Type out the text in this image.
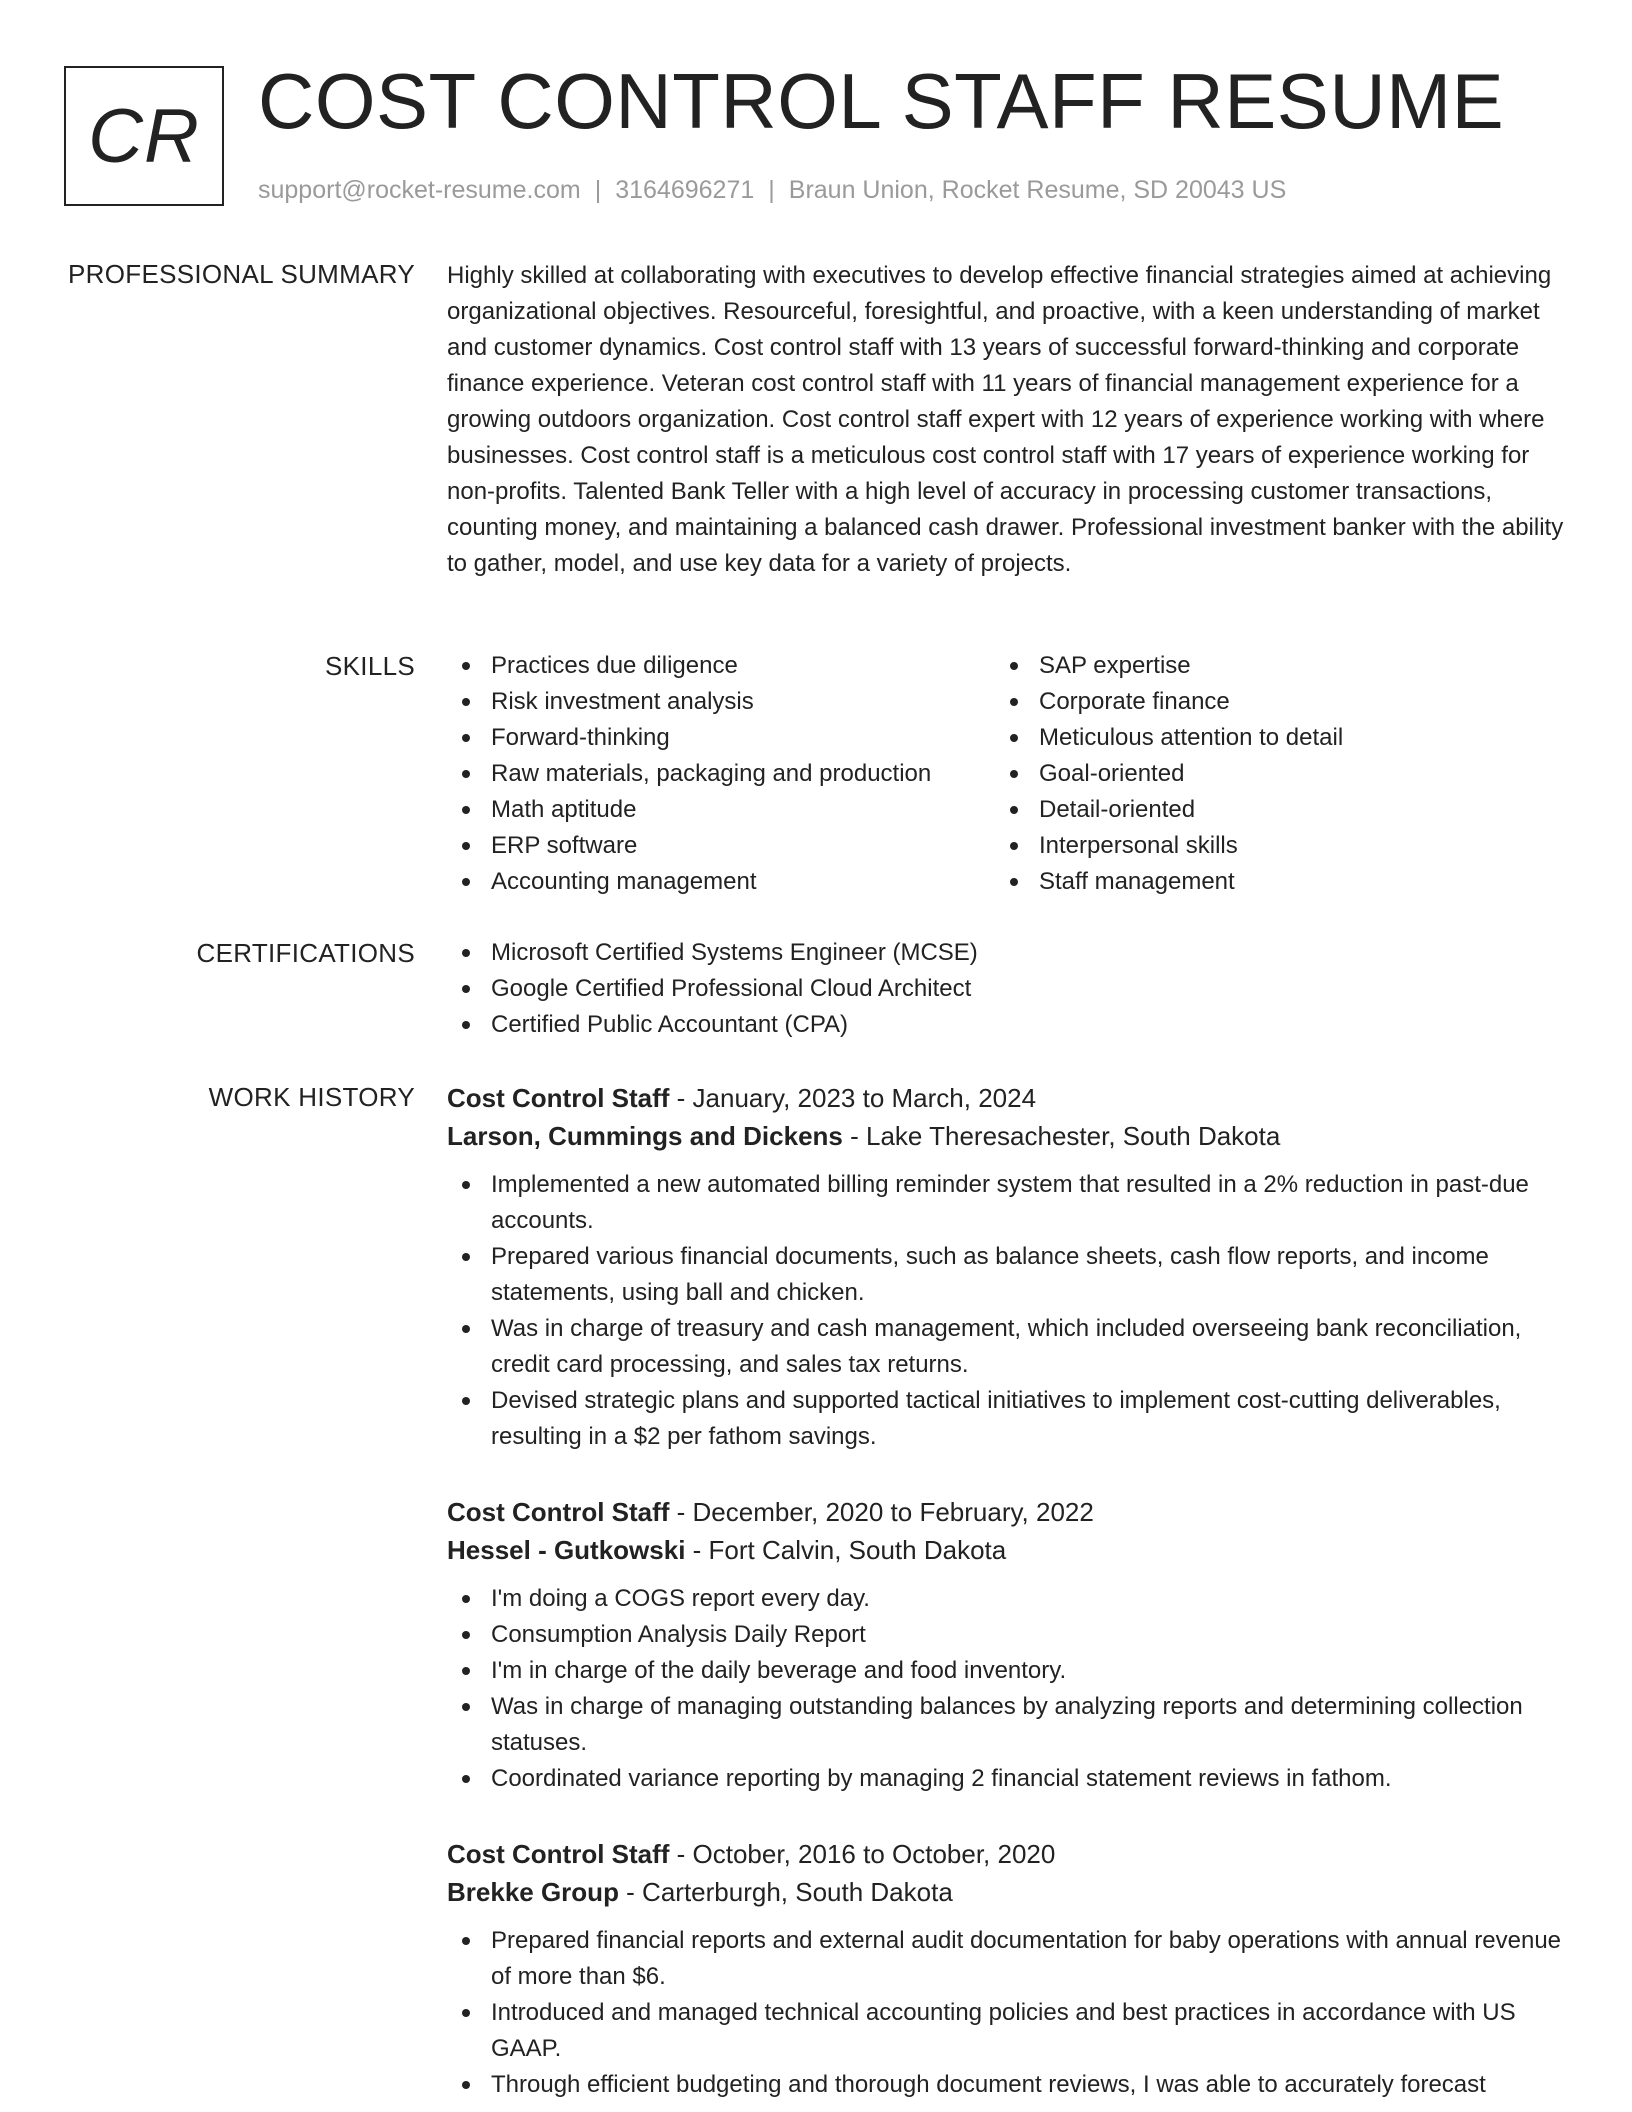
CR COST CONTROL STAFF RESUME
support@rocket-resume.com | 3164696271 | Braun Union, Rocket Resume, SD 20043 US
PROFESSIONAL SUMMARY Highly skilled at collaborating with executives to develop effective financial strategies aimed at achieving organizational objectives. Resourceful, foresightful, and proactive, with a keen understanding of market and customer dynamics. Cost control staff with 13 years of successful forward-thinking and corporate finance experience. Veteran cost control staff with 11 years of financial management experience for a growing outdoors organization. Cost control staff expert with 12 years of experience working with where businesses. Cost control staff is a meticulous cost control staff with 17 years of experience working for non-profits. Talented Bank Teller with a high level of accuracy in processing customer transactions, counting money, and maintaining a balanced cash drawer. Professional investment banker with the ability to gather, model, and use key data for a variety of projects.

SKILLS	Practices due diligence
Risk investment analysis
Forward-thinking
Raw materials, packaging and production
Math aptitude
ERP software
Accounting management
SAP expertise
Corporate finance
Meticulous attention to detail
Goal-oriented
Detail-oriented
Interpersonal skills
Staff management
CERTIFICATIONS	Microsoft Certified Systems Engineer (MCSE)
Google Certified Professional Cloud Architect
Certified Public Accountant (CPA)
WORK HISTORY Cost Control Staff - January, 2023 to March, 2024
Larson, Cummings and Dickens - Lake Theresachester, South Dakota
Implemented a new automated billing reminder system that resulted in a 2% reduction in past-due accounts.
Prepared various financial documents, such as balance sheets, cash flow reports, and income statements, using ball and chicken.
Was in charge of treasury and cash management, which included overseeing bank reconciliation, credit card processing, and sales tax returns.
Devised strategic plans and supported tactical initiatives to implement cost-cutting deliverables, resulting in a $2 per fathom savings.
Cost Control Staff - December, 2020 to February, 2022
Hessel - Gutkowski - Fort Calvin, South Dakota
I'm doing a COGS report every day.
Consumption Analysis Daily Report
I'm in charge of the daily beverage and food inventory.
Was in charge of managing outstanding balances by analyzing reports and determining collection statuses.
Coordinated variance reporting by managing 2 financial statement reviews in fathom.
Cost Control Staff - October, 2016 to October, 2020
Brekke Group - Carterburgh, South Dakota
Prepared financial reports and external audit documentation for baby operations with annual revenue of more than $6.
Introduced and managed technical accounting policies and best practices in accordance with US GAAP.
Through efficient budgeting and thorough document reviews, I was able to accurately forecast
